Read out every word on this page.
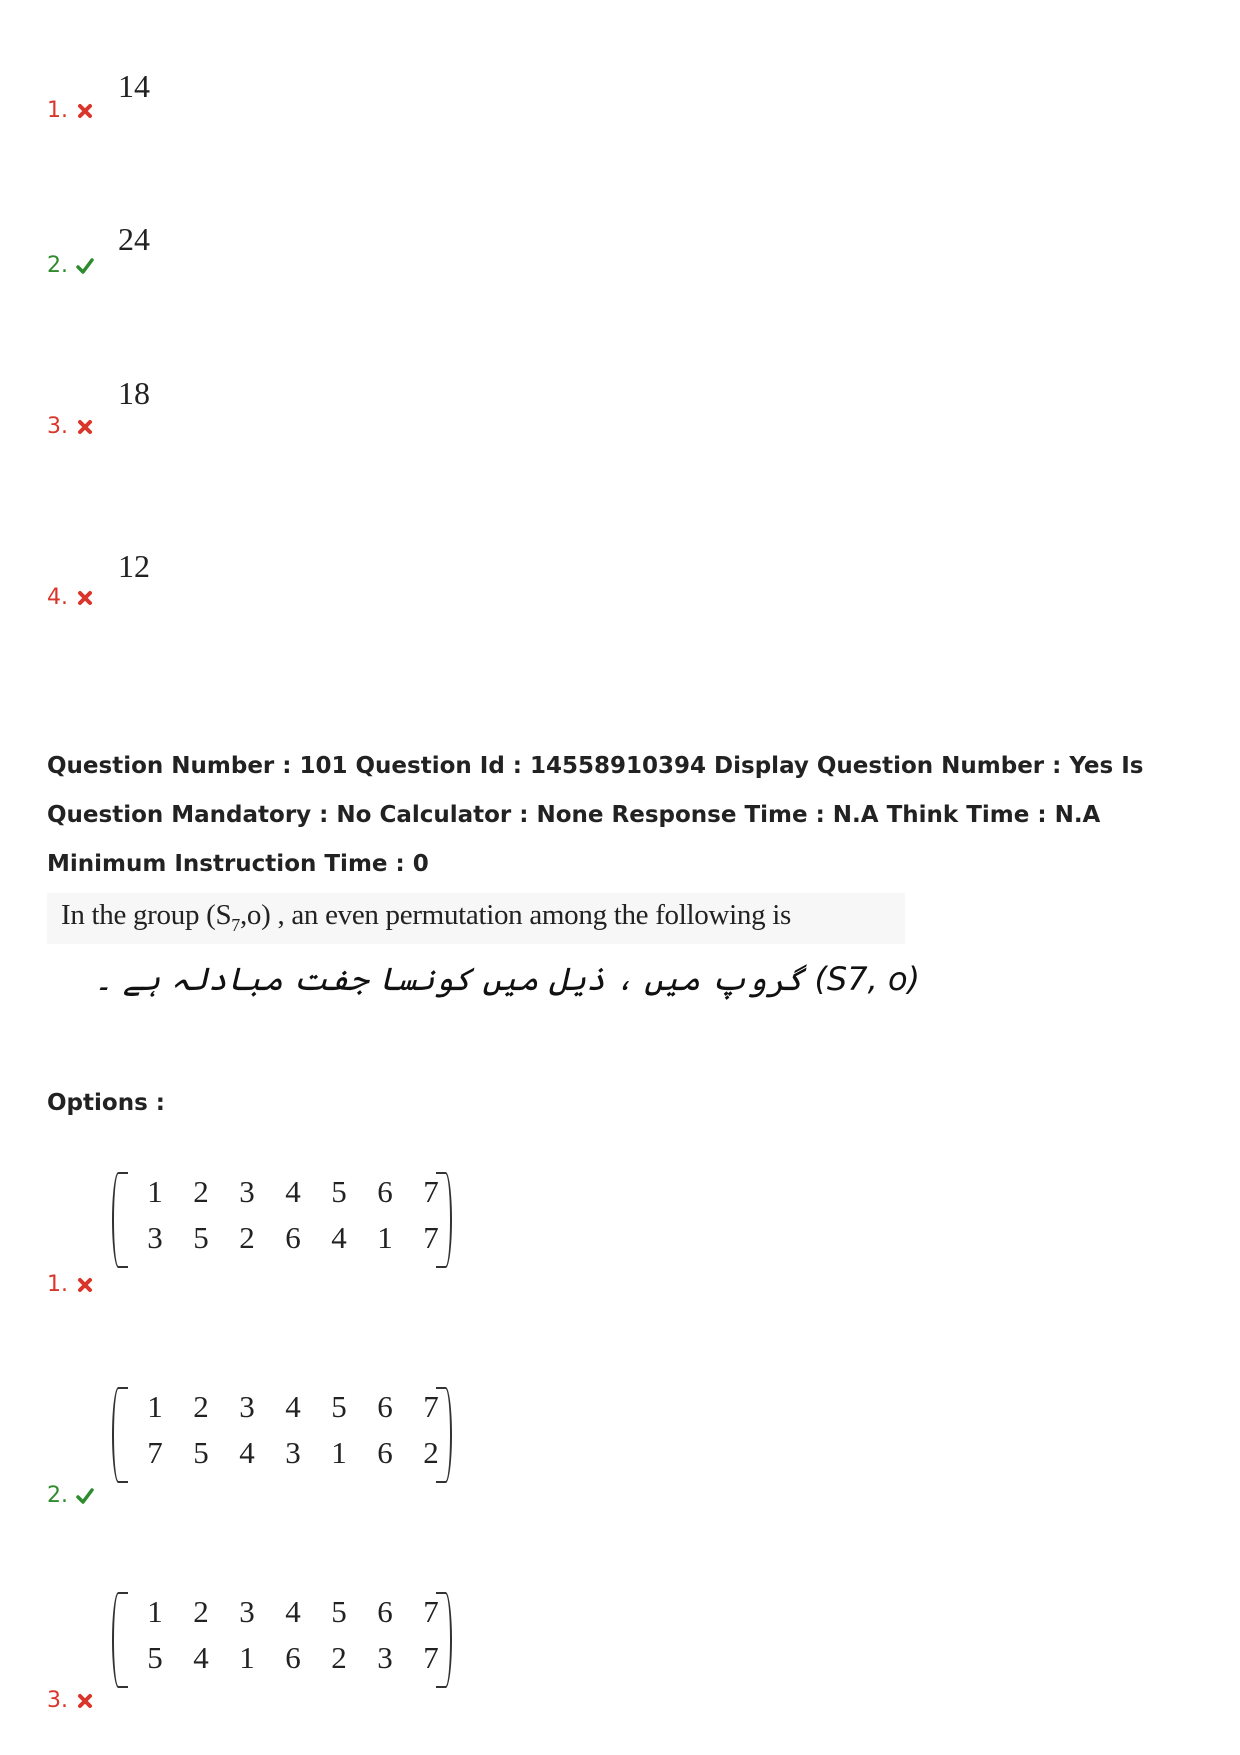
1.
14
2.
24
3.
18
4.
12
Question Number : 101 Question Id : 14558910394 Display Question Number : Yes Is Question Mandatory : No Calculator : None Response Time : N.A Think Time : N.A Minimum Instruction Time : 0
In the group $(S_7,o)$ , an even permutation among the following is
(S7, o) گروپ میں ، ذیل میں کونسا جفت مبادلہ ہے ۔
Options :
1 2 3 4 5 6 7
3 5 2 6 4 1 7
1.
1 2 3 4 5 6 7
7 5 4 3 1 6 2
2.
1 2 3 4 5 6 7
5 4 1 6 2 3 7
3.
